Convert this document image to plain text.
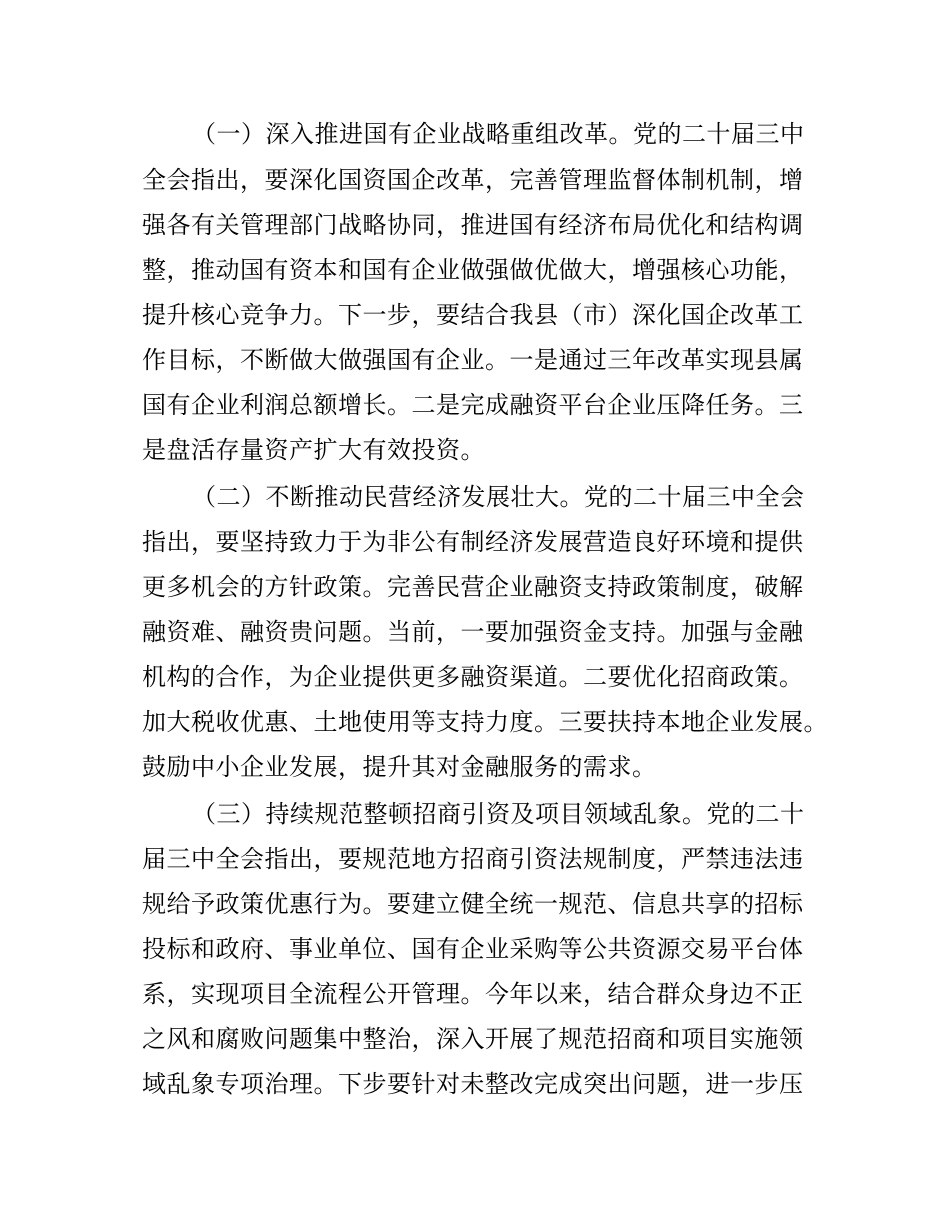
（一）深入推进国有企业战略重组改革。党的二十届三中

全会指出，要深化国资国企改革，完善管理监督体制机制，增

强各有关管理部门战略协同，推进国有经济布局优化和结构调

整，推动国有资本和国有企业做强做优做大，增强核心功能，

提升核心竞争力。下一步，要结合我县（市）深化国企改革工

作目标，不断做大做强国有企业。一是通过三年改革实现县属

国有企业利润总额增长。二是完成融资平台企业压降任务。三

是盘活存量资产扩大有效投资。

（二）不断推动民营经济发展壮大。党的二十届三中全会

指出，要坚持致力于为非公有制经济发展营造良好环境和提供

更多机会的方针政策。完善民营企业融资支持政策制度，破解

融资难、融资贵问题。当前，一要加强资金支持。加强与金融

机构的合作，为企业提供更多融资渠道。二要优化招商政策。

加大税收优惠、土地使用等支持力度。三要扶持本地企业发展。

鼓励中小企业发展，提升其对金融服务的需求。

（三）持续规范整顿招商引资及项目领域乱象。党的二十

届三中全会指出，要规范地方招商引资法规制度，严禁违法违

规给予政策优惠行为。要建立健全统一规范、信息共享的招标

投标和政府、事业单位、国有企业采购等公共资源交易平台体

系，实现项目全流程公开管理。今年以来，结合群众身边不正

之风和腐败问题集中整治，深入开展了规范招商和项目实施领

域乱象专项治理。下步要针对未整改完成突出问题，进一步压
